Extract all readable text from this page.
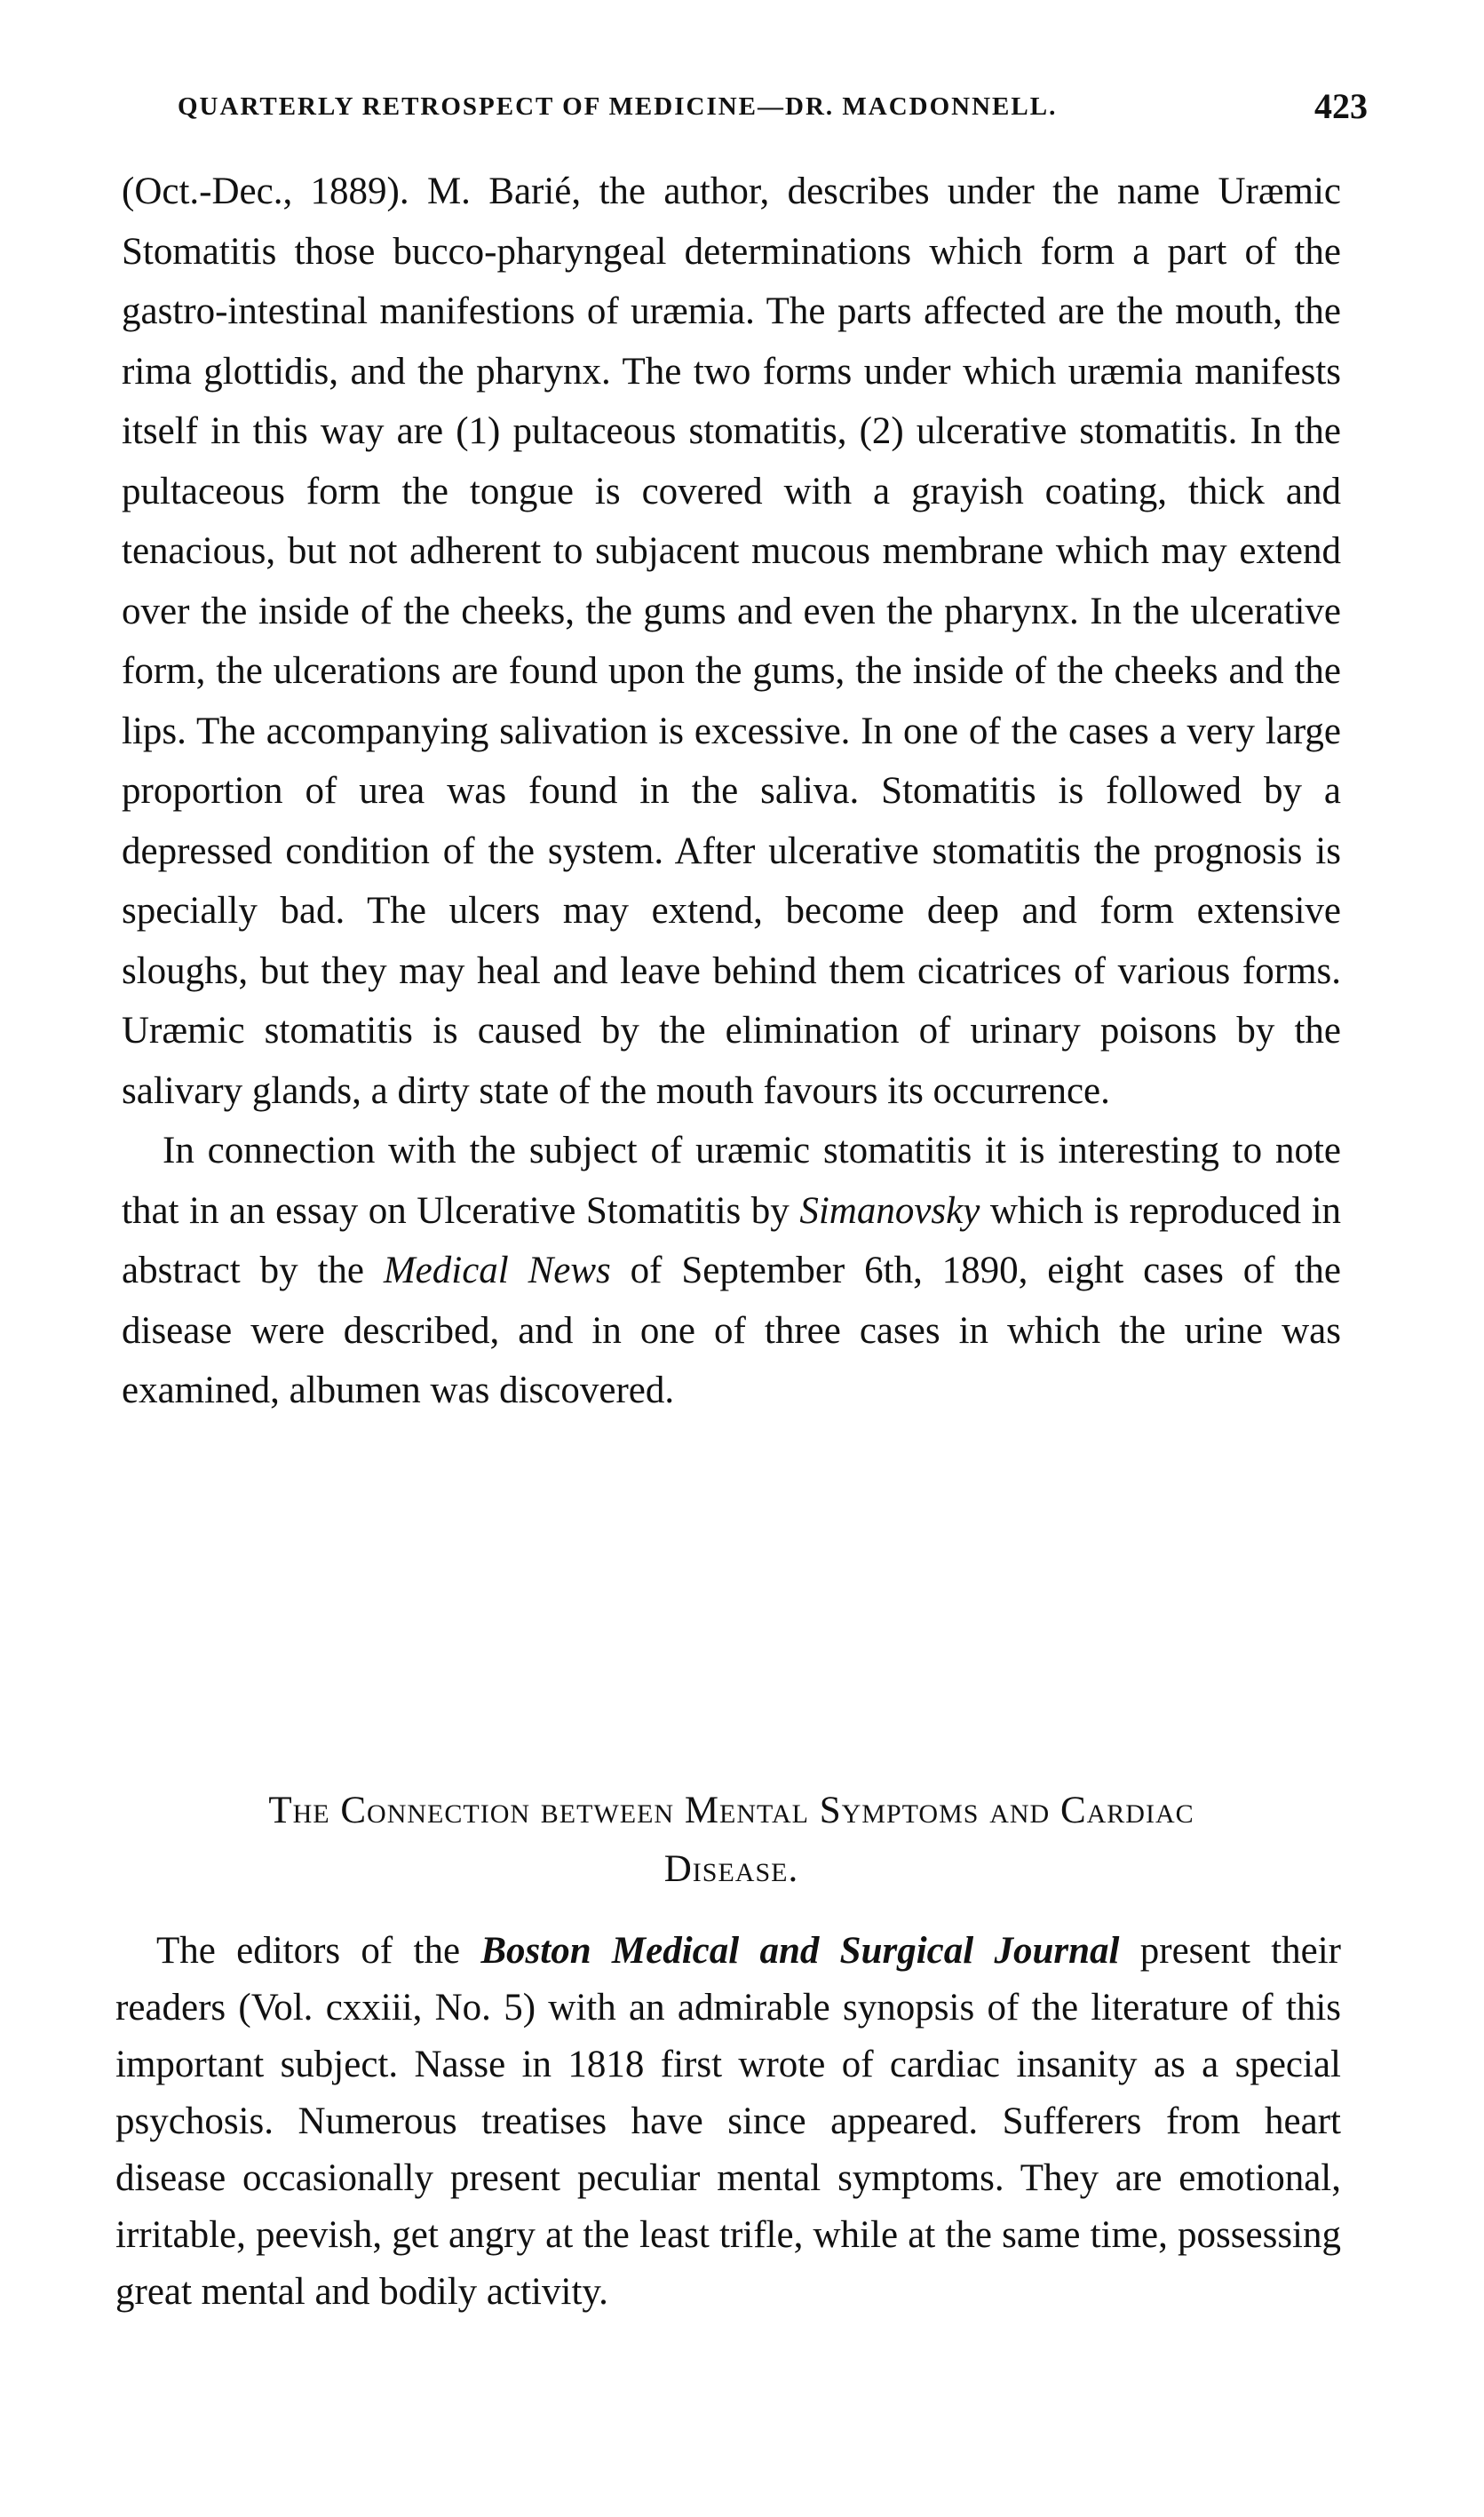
QUARTERLY RETROSPECT OF MEDICINE—DR. MACDONNELL.	423

(Oct.-Dec., 1889). M. Barié, the author, describes under the name Uræmic Stomatitis those bucco-pharyngeal determinations which form a part of the gastro-intestinal manifestions of uræmia. The parts affected are the mouth, the rima glottidis, and the pharynx. The two forms under which uræmia manifests itself in this way are (1) pultaceous stomatitis, (2) ulcerative stomatitis. In the pultaceous form the tongue is covered with a grayish coating, thick and tenacious, but not adherent to subjacent mucous membrane which may extend over the inside of the cheeks, the gums and even the pharynx. In the ulcerative form, the ulcerations are found upon the gums, the inside of the cheeks and the lips. The accompanying salivation is excessive. In one of the cases a very large proportion of urea was found in the saliva. Stomatitis is followed by a depressed condition of the system. After ulcerative stomatitis the prognosis is specially bad. The ulcers may extend, become deep and form extensive sloughs, but they may heal and leave behind them cicatrices of various forms. Uræmic stomatitis is caused by the elimination of urinary poisons by the salivary glands, a dirty state of the mouth favours its occurrence.

In connection with the subject of uræmic stomatitis it is interesting to note that in an essay on Ulcerative Stomatitis by Simanovsky which is reproduced in abstract by the Medical News of September 6th, 1890, eight cases of the disease were described, and in one of three cases in which the urine was examined, albumen was discovered.

The Connection between Mental Symptoms and Cardiac
Disease.

The editors of the Boston Medical and Surgical Journal present their readers (Vol. cxxiii, No. 5) with an admirable synopsis of the literature of this important subject. Nasse in 1818 first wrote of cardiac insanity as a special psychosis. Numerous treatises have since appeared. Sufferers from heart disease occasionally present peculiar mental symptoms. They are emotional, irritable, peevish, get angry at the least trifle, while at the same time, possessing great mental and bodily activity.
